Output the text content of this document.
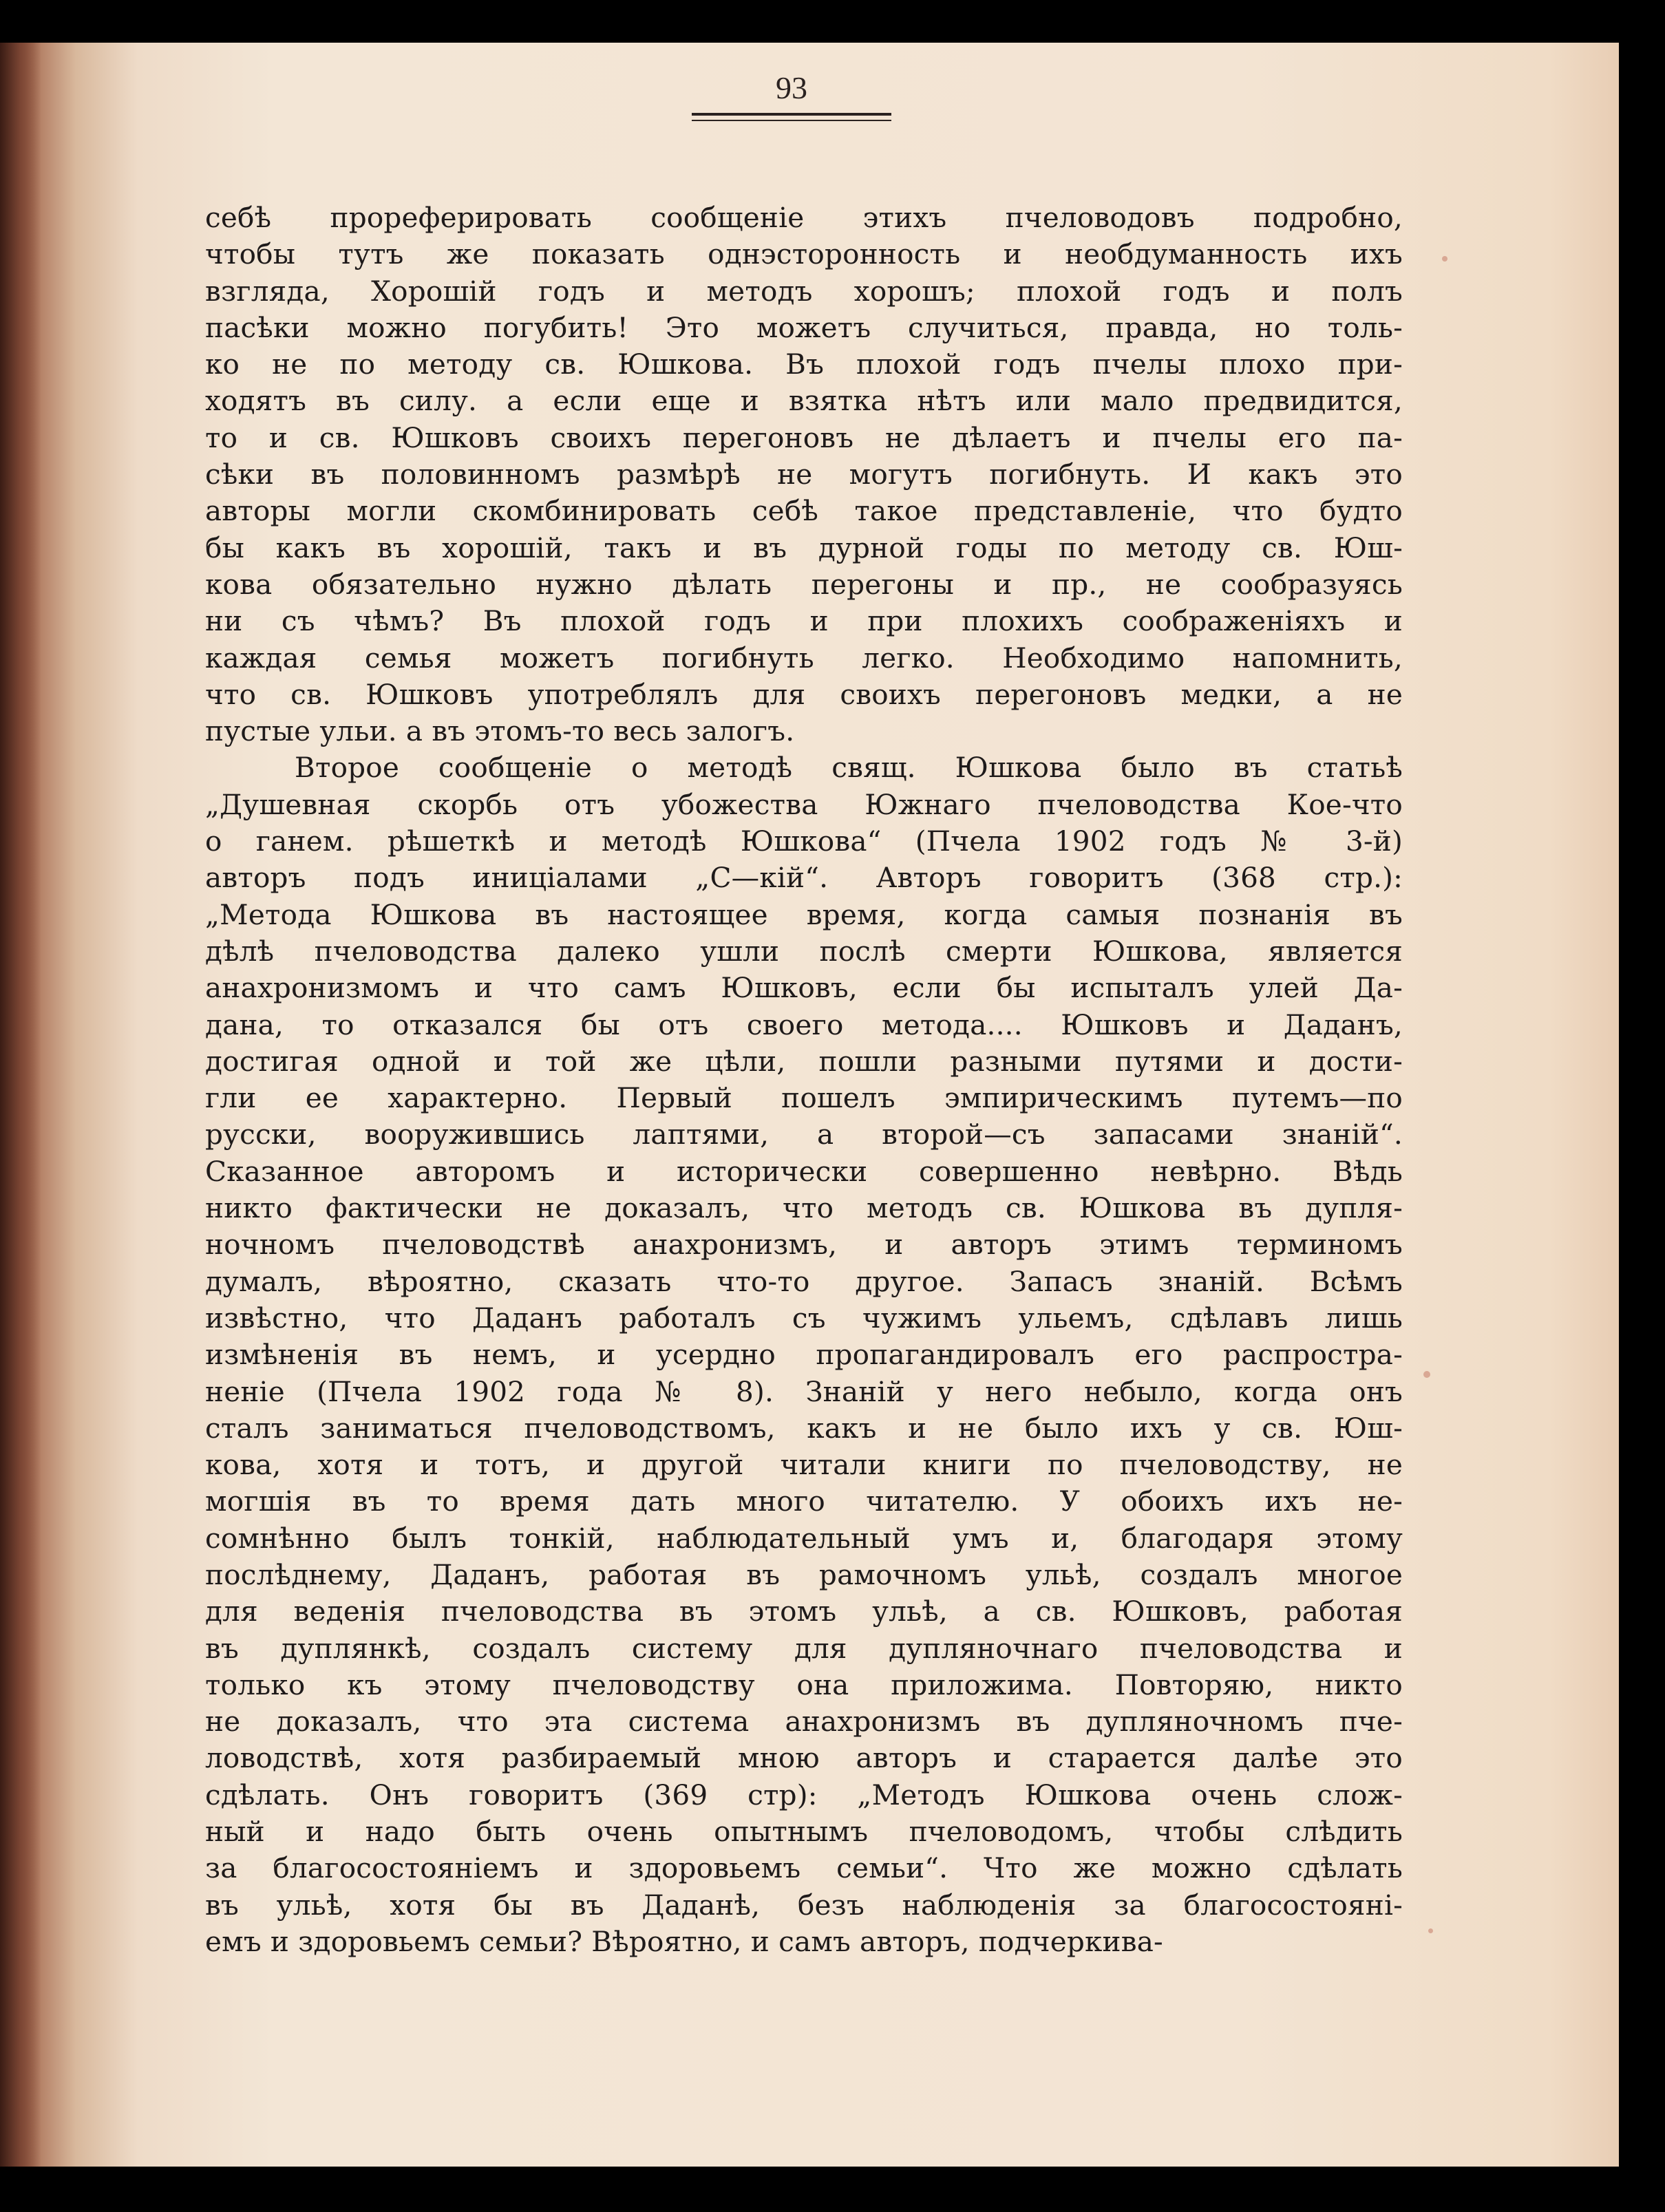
93
себѣ прореферировать сообщеніе этихъ пчеловодовъ подробно,
чтобы тутъ же показать однэсторонность и необдуманность ихъ
взгляда, Хорошій годъ и методъ хорошъ; плохой годъ и полъ
пасѣки можно погубить! Это можетъ случиться, правда, но толь-
ко не по методу св. Юшкова. Въ плохой годъ пчелы плохо при-
ходятъ въ силу. а если еще и взятка нѣтъ или мало предвидится,
то и св. Юшковъ своихъ перегоновъ не дѣлаетъ и пчелы его па-
сѣки въ половинномъ размѣрѣ не могутъ погибнуть. И какъ это
авторы могли скомбинировать себѣ такое представленіе, что будто
бы какъ въ хорошій, такъ и въ дурной годы по методу св. Юш-
кова обязательно нужно дѣлать перегоны и пр., не сообразуясь
ни съ чѣмъ? Въ плохой годъ и при плохихъ соображеніяхъ и
каждая семья можетъ погибнуть легко. Необходимо напомнить,
что св. Юшковъ употреблялъ для своихъ перегоновъ медки, а не
пустые ульи. а въ этомъ-то весь залогъ.
Второе сообщеніе о методѣ свящ. Юшкова было въ статьѣ
„Душевная скорбь отъ убожества Южнаго пчеловодства Кое-что
о ганем. рѣшеткѣ и методѣ Юшкова“ (Пчела 1902 годъ № 3-й)
авторъ подъ иниціалами „С—кій“. Авторъ говоритъ (368 стр.):
„Метода Юшкова въ настоящее время, когда самыя познанія въ
дѣлѣ пчеловодства далеко ушли послѣ смерти Юшкова, является
анахронизмомъ и что самъ Юшковъ, если бы испыталъ улей Да-
дана, то отказался бы отъ своего метода.... Юшковъ и Даданъ,
достигая одной и той же цѣли, пошли разными путями и дости-
гли ее характерно. Первый пошелъ эмпирическимъ путемъ—по
русски, вооружившись лаптями, а второй—съ запасами знаній“.
Сказанное авторомъ и исторически совершенно невѣрно. Вѣдь
никто фактически не доказалъ, что методъ св. Юшкова въ дупля-
ночномъ пчеловодствѣ анахронизмъ, и авторъ этимъ терминомъ
думалъ, вѣроятно, сказать что-то другое. Запасъ знаній. Всѣмъ
извѣстно, что Даданъ работалъ съ чужимъ ульемъ, сдѣлавъ лишь
измѣненія въ немъ, и усердно пропагандировалъ его распростра-
неніе (Пчела 1902 года № 8). Знаній у него небыло, когда онъ
сталъ заниматься пчеловодствомъ, какъ и не было ихъ у св. Юш-
кова, хотя и тотъ, и другой читали книги по пчеловодству, не
могшія въ то время дать много читателю. У обоихъ ихъ не-
сомнѣнно былъ тонкій, наблюдательный умъ и, благодаря этому
послѣднему, Даданъ, работая въ рамочномъ ульѣ, создалъ многое
для веденія пчеловодства въ этомъ ульѣ, а св. Юшковъ, работая
въ дуплянкѣ, создалъ систему для дупляночнаго пчеловодства и
только къ этому пчеловодству она приложима. Повторяю, никто
не доказалъ, что эта система анахронизмъ въ дупляночномъ пче-
ловодствѣ, хотя разбираемый мною авторъ и старается далѣе это
сдѣлать. Онъ говоритъ (369 стр): „Методъ Юшкова очень слож-
ный и надо быть очень опытнымъ пчеловодомъ, чтобы слѣдить
за благосостояніемъ и здоровьемъ семьи“. Что же можно сдѣлать
въ ульѣ, хотя бы въ Даданѣ, безъ наблюденія за благосостояні-
емъ и здоровьемъ семьи? Вѣроятно, и самъ авторъ, подчеркива-
